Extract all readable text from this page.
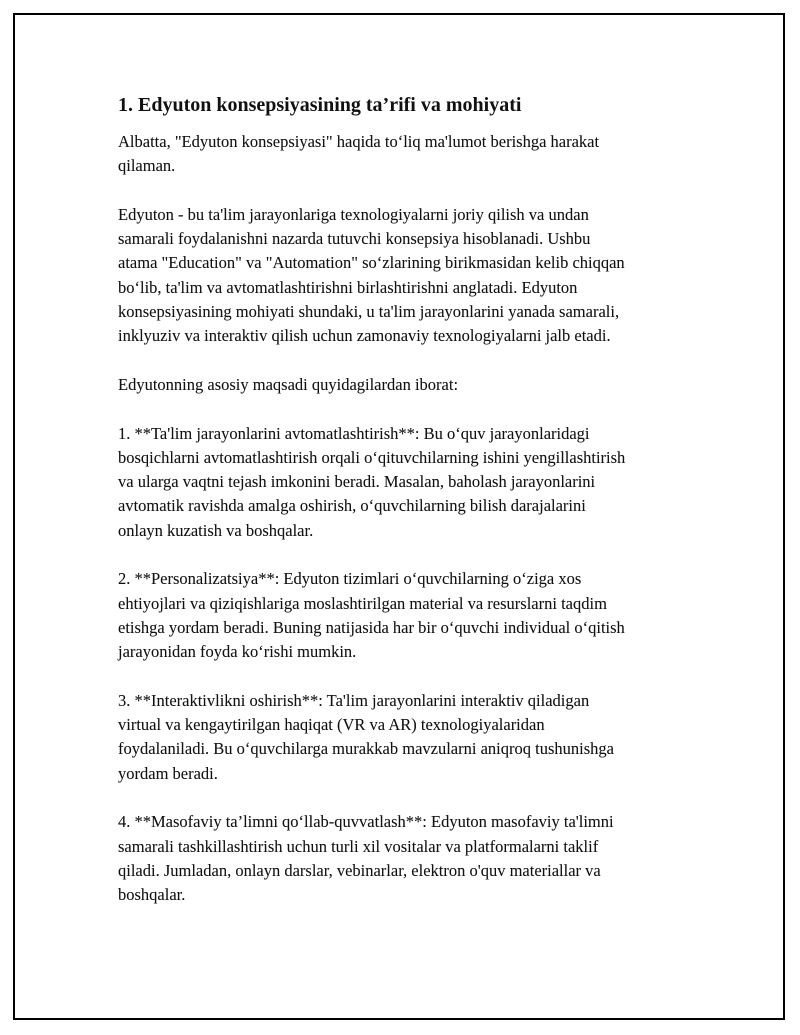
1. Edyuton konsepsiyasining ta’rifi va mohiyati
Albatta, "Edyuton konsepsiyasi" haqida to‘liq ma'lumot berishga harakat
qilaman.
Edyuton - bu ta'lim jarayonlariga texnologiyalarni joriy qilish va undan
samarali foydalanishni nazarda tutuvchi konsepsiya hisoblanadi. Ushbu
atama "Education" va "Automation" so‘zlarining birikmasidan kelib chiqqan
bo‘lib, ta'lim va avtomatlashtirishni birlashtirishni anglatadi. Edyuton
konsepsiyasining mohiyati shundaki, u ta'lim jarayonlarini yanada samarali,
inklyuziv va interaktiv qilish uchun zamonaviy texnologiyalarni jalb etadi.
Edyutonning asosiy maqsadi quyidagilardan iborat:
1. **Ta'lim jarayonlarini avtomatlashtirish**: Bu o‘quv jarayonlaridagi
bosqichlarni avtomatlashtirish orqali o‘qituvchilarning ishini yengillashtirish
va ularga vaqtni tejash imkonini beradi. Masalan, baholash jarayonlarini
avtomatik ravishda amalga oshirish, o‘quvchilarning bilish darajalarini
onlayn kuzatish va boshqalar.
2. **Personalizatsiya**: Edyuton tizimlari o‘quvchilarning o‘ziga xos
ehtiyojlari va qiziqishlariga moslashtirilgan material va resurslarni taqdim
etishga yordam beradi. Buning natijasida har bir o‘quvchi individual o‘qitish
jarayonidan foyda ko‘rishi mumkin.
3. **Interaktivlikni oshirish**: Ta'lim jarayonlarini interaktiv qiladigan
virtual va kengaytirilgan haqiqat (VR va AR) texnologiyalaridan
foydalaniladi. Bu o‘quvchilarga murakkab mavzularni aniqroq tushunishga
yordam beradi.
4. **Masofaviy ta’limni qo‘llab-quvvatlash**: Edyuton masofaviy ta'limni
samarali tashkillashtirish uchun turli xil vositalar va platformalarni taklif
qiladi. Jumladan, onlayn darslar, vebinarlar, elektron o'quv materiallar va
boshqalar.
